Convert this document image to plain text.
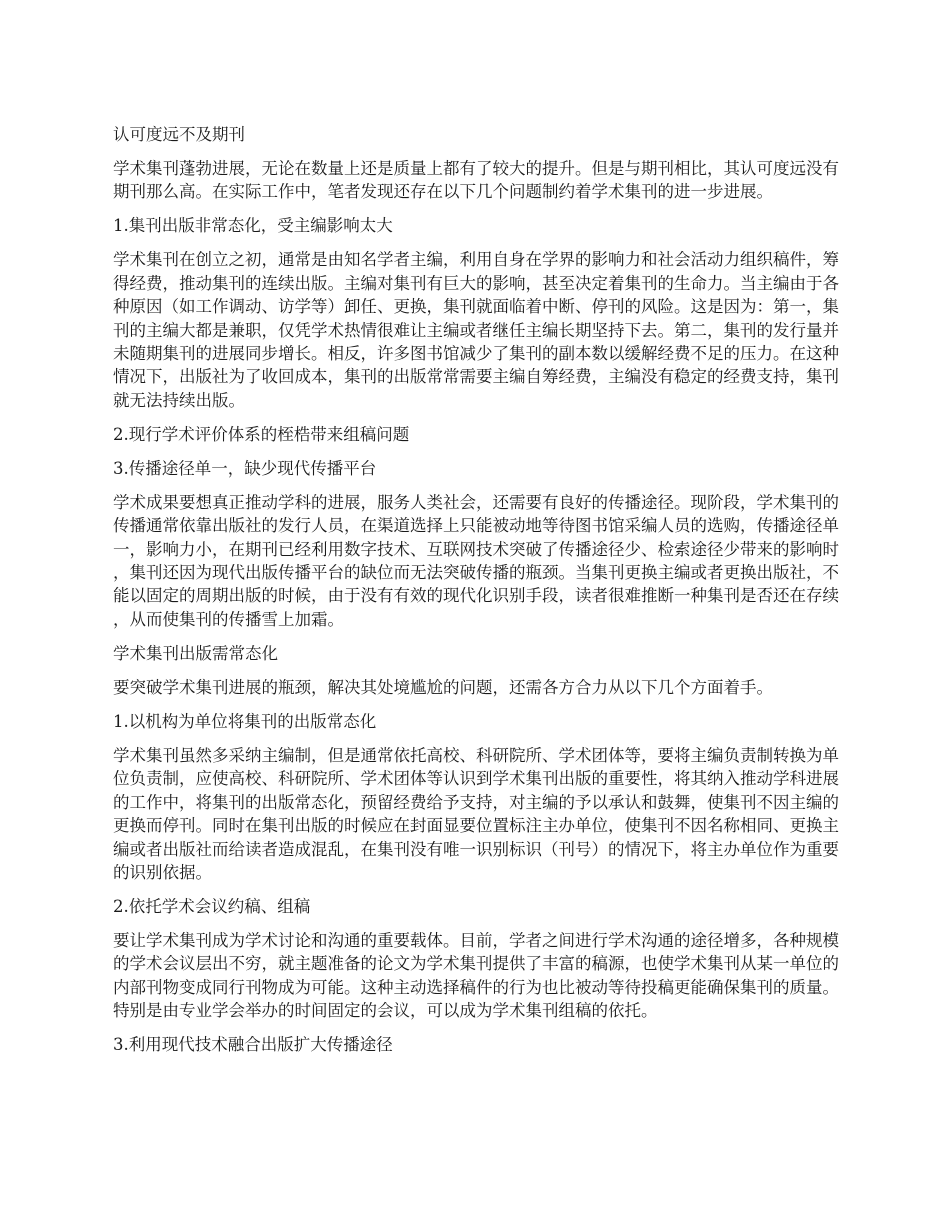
认可度远不及期刊

学术集刊蓬勃进展，无论在数量上还是质量上都有了较大的提升。但是与期刊相比，其认可度远没有期刊那么高。在实际工作中，笔者发现还存在以下几个问题制约着学术集刊的进一步进展。

1.集刊出版非常态化，受主编影响太大

学术集刊在创立之初，通常是由知名学者主编，利用自身在学界的影响力和社会活动力组织稿件，筹得经费，推动集刊的连续出版。主编对集刊有巨大的影响，甚至决定着集刊的生命力。当主编由于各种原因（如工作调动、访学等）卸任、更换，集刊就面临着中断、停刊的风险。这是因为：第一，集刊的主编大都是兼职，仅凭学术热情很难让主编或者继任主编长期坚持下去。第二，集刊的发行量并未随期集刊的进展同步增长。相反，许多图书馆减少了集刊的副本数以缓解经费不足的压力。在这种情况下，出版社为了收回成本，集刊的出版常常需要主编自筹经费，主编没有稳定的经费支持，集刊就无法持续出版。

2.现行学术评价体系的桎梏带来组稿问题

3.传播途径单一，缺少现代传播平台

学术成果要想真正推动学科的进展，服务人类社会，还需要有良好的传播途径。现阶段，学术集刊的传播通常依靠出版社的发行人员，在渠道选择上只能被动地等待图书馆采编人员的选购，传播途径单一，影响力小，在期刊已经利用数字技术、互联网技术突破了传播途径少、检索途径少带来的影响时，集刊还因为现代出版传播平台的缺位而无法突破传播的瓶颈。当集刊更换主编或者更换出版社，不能以固定的周期出版的时候，由于没有有效的现代化识别手段，读者很难推断一种集刊是否还在存续，从而使集刊的传播雪上加霜。

学术集刊出版需常态化

要突破学术集刊进展的瓶颈，解决其处境尴尬的问题，还需各方合力从以下几个方面着手。

1.以机构为单位将集刊的出版常态化

学术集刊虽然多采纳主编制，但是通常依托高校、科研院所、学术团体等，要将主编负责制转换为单位负责制，应使高校、科研院所、学术团体等认识到学术集刊出版的重要性，将其纳入推动学科进展的工作中，将集刊的出版常态化，预留经费给予支持，对主编的予以承认和鼓舞，使集刊不因主编的更换而停刊。同时在集刊出版的时候应在封面显要位置标注主办单位，使集刊不因名称相同、更换主编或者出版社而给读者造成混乱，在集刊没有唯一识别标识（刊号）的情况下，将主办单位作为重要的识别依据。

2.依托学术会议约稿、组稿

要让学术集刊成为学术讨论和沟通的重要载体。目前，学者之间进行学术沟通的途径增多，各种规模的学术会议层出不穷，就主题准备的论文为学术集刊提供了丰富的稿源，也使学术集刊从某一单位的内部刊物变成同行刊物成为可能。这种主动选择稿件的行为也比被动等待投稿更能确保集刊的质量。特别是由专业学会举办的时间固定的会议，可以成为学术集刊组稿的依托。

3.利用现代技术融合出版扩大传播途径
